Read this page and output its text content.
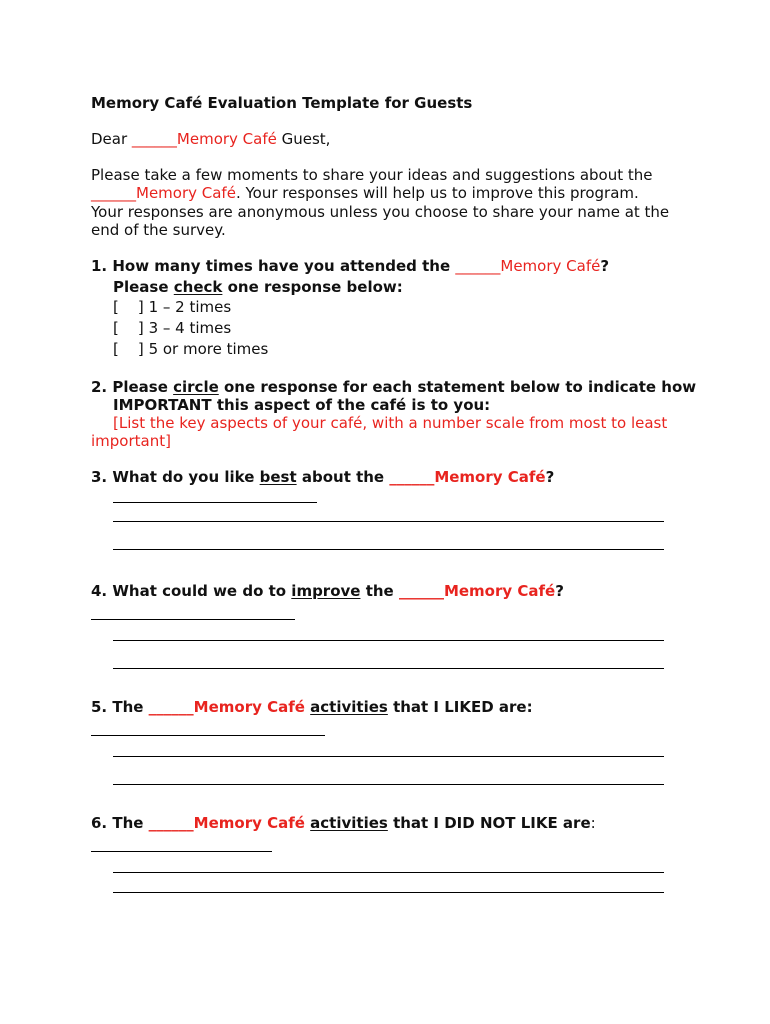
Memory Café Evaluation Template for Guests
Dear ______Memory Café Guest,
Please take a few moments to share your ideas and suggestions about the
______Memory Café. Your responses will help us to improve this program.
Your responses are anonymous unless you choose to share your name at the
end of the survey.
1. How many times have you attended the ______Memory Café?
Please check one response below:
[    ] 1 – 2 times
[    ] 3 – 4 times
[    ] 5 or more times
2. Please circle one response for each statement below to indicate how
IMPORTANT this aspect of the café is to you:
[List the key aspects of your café, with a number scale from most to least
important]
3. What do you like best about the ______Memory Café?
4. What could we do to improve the ______Memory Café?
5. The ______Memory Café activities that I LIKED are:
6. The ______Memory Café activities that I DID NOT LIKE are:
